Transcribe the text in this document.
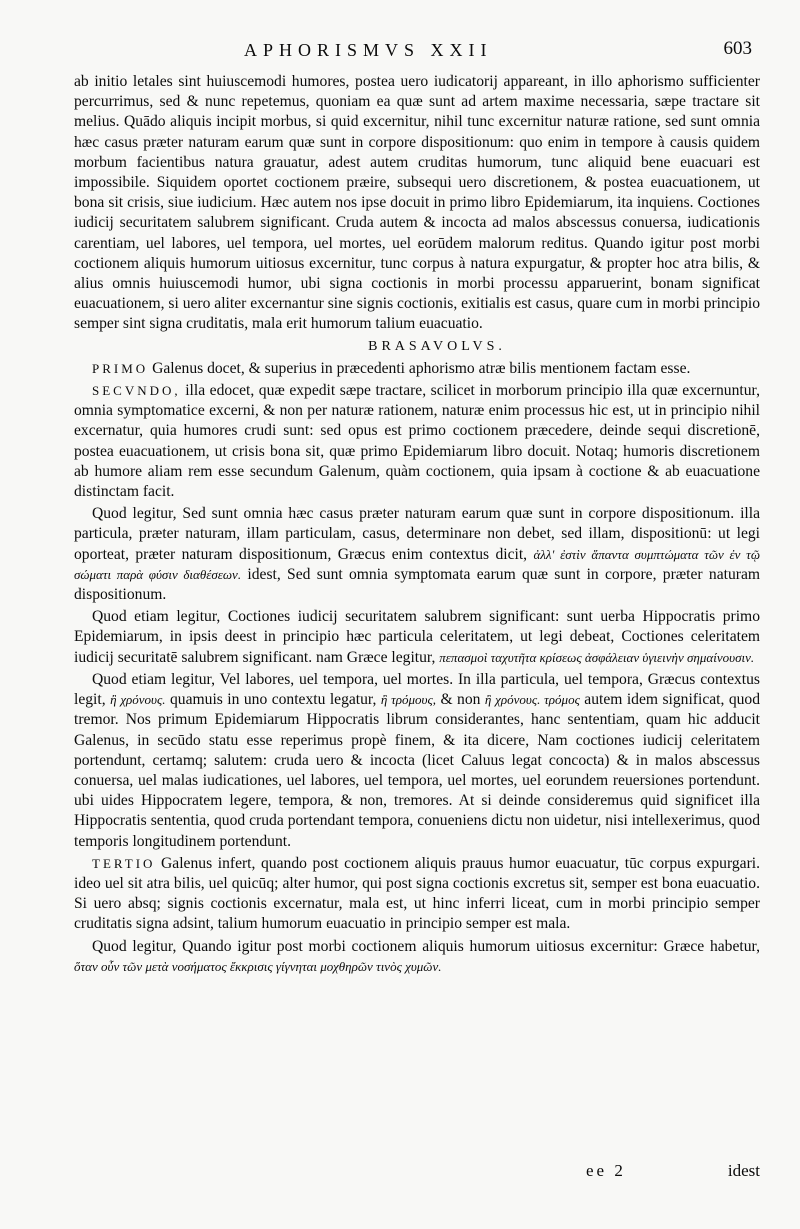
APHORISMVS XXII	603

ab initio letales sint huiuscemodi humores, postea uero iudicatorij appareant, in illo aphorismo sufficienter percurrimus, sed & nunc repetemus, quoniam ea quæ sunt ad artem maxime necessaria, sæpe tractare sit melius. Quādo aliquis incipit morbus, si quid excernitur, nihil tunc excernitur naturæ ratione, sed sunt omnia hæc casus præter naturam earum quæ sunt in corpore dispositionum: quo enim in tempore à causis quidem morbum facientibus natura grauatur, adest autem cruditas humorum, tunc aliquid bene euacuari est impossibile. Siquidem oportet coctionem præire, subsequi uero discretionem, & postea euacuationem, ut bona sit crisis, siue iudicium. Hæc autem nos ipse docuit in primo libro Epidemiarum, ita inquiens. Coctiones iudicij securitatem salubrem significant. Cruda autem & incocta ad malos abscessus conuersa, iudicationis carentiam, uel labores, uel tempora, uel mortes, uel eorūdem malorum reditus. Quando igitur post morbi coctionem aliquis humorum uitiosus excernitur, tunc corpus à natura expurgatur, & propter hoc atra bilis, & alius omnis huiuscemodi humor, ubi signa coctionis in morbi processu apparuerint, bonam significat euacuationem, si uero aliter excernantur sine signis coctionis, exitialis est casus, quare cum in morbi principio semper sint signa cruditatis, mala erit humorum talium euacuatio.

BRASAVOLVS.

PRIMO Galenus docet, & superius in præcedenti aphorismo atræ bilis mentionem factam esse.

SECVNDO, illa edocet, quæ expedit sæpe tractare, scilicet in morborum principio illa quæ excernuntur, omnia symptomatice excerni, & non per naturæ rationem, naturæ enim processus hic est, ut in principio nihil excernatur, quia humores crudi sunt: sed opus est primo coctionem præcedere, deinde sequi discretionē, postea euacuationem, ut crisis bona sit, quæ primo Epidemiarum libro docuit. Notaq; humoris discretionem ab humore aliam rem esse secundum Galenum, quàm coctionem, quia ipsam à coctione & ab euacuatione distinctam facit.

Quod legitur, Sed sunt omnia hæc casus præter naturam earum quæ sunt in corpore dispositionum. illa particula, præter naturam, illam particulam, casus, determinare non debet, sed illam, dispositionū: ut legi oporteat, præter naturam dispositionum, Græcus enim contextus dicit, ἀλλ' ἐστὶν ἅπαντα συμπτώματα τῶν ἐν τῷ σώματι παρὰ φύσιν διαθέσεων. idest, Sed sunt omnia symptomata earum quæ sunt in corpore, præter naturam dispositionum.

Quod etiam legitur, Coctiones iudicij securitatem salubrem significant: sunt uerba Hippocratis primo Epidemiarum, in ipsis deest in principio hæc particula celeritatem, ut legi debeat, Coctiones celeritatem iudicij securitatē salubrem significant. nam Græce legitur, πεπασμοὶ ταχυτῆτα κρίσεως ἀσφάλειαν ὑγιεινὴν σημαίνουσιν.

Quod etiam legitur, Vel labores, uel tempora, uel mortes. In illa particula, uel tempora, Græcus contextus legit, ἢ χρόνους. quamuis in uno contextu legatur, ἢ τρόμους, & non ἢ χρόνους. τρόμος autem idem significat, quod tremor. Nos primum Epidemiarum Hippocratis librum considerantes, hanc sententiam, quam hic adducit Galenus, in secūdo statu esse reperimus propè finem, & ita dicere, Nam coctiones iudicij celeritatem portendunt, certamq; salutem: cruda uero & incocta (licet Caluus legat concocta) & in malos abscessus conuersa, uel malas iudicationes, uel labores, uel tempora, uel mortes, uel eorundem reuersiones portendunt. ubi uides Hippocratem legere, tempora, & non, tremores. At si deinde consideremus quid significet illa Hippocratis sententia, quod cruda portendant tempora, conueniens dictu non uidetur, nisi intellexerimus, quod temporis longitudinem portendunt.

TERTIO Galenus infert, quando post coctionem aliquis prauus humor euacuatur, tūc corpus expurgari. ideo uel sit atra bilis, uel quicūq; alter humor, qui post signa coctionis excretus sit, semper est bona euacuatio. Si uero absq; signis coctionis excernatur, mala est, ut hinc inferri liceat, cum in morbi principio semper cruditatis signa adsint, talium humorum euacuatio in principio semper est mala.

Quod legitur, Quando igitur post morbi coctionem aliquis humorum uitiosus excernitur: Græce habetur, ὅταν οὖν τῶν μετὰ νοσήματος ἔκκρισις γίγνηται μοχθηρῶν τινὸς χυμῶν.

ee 2	idest
